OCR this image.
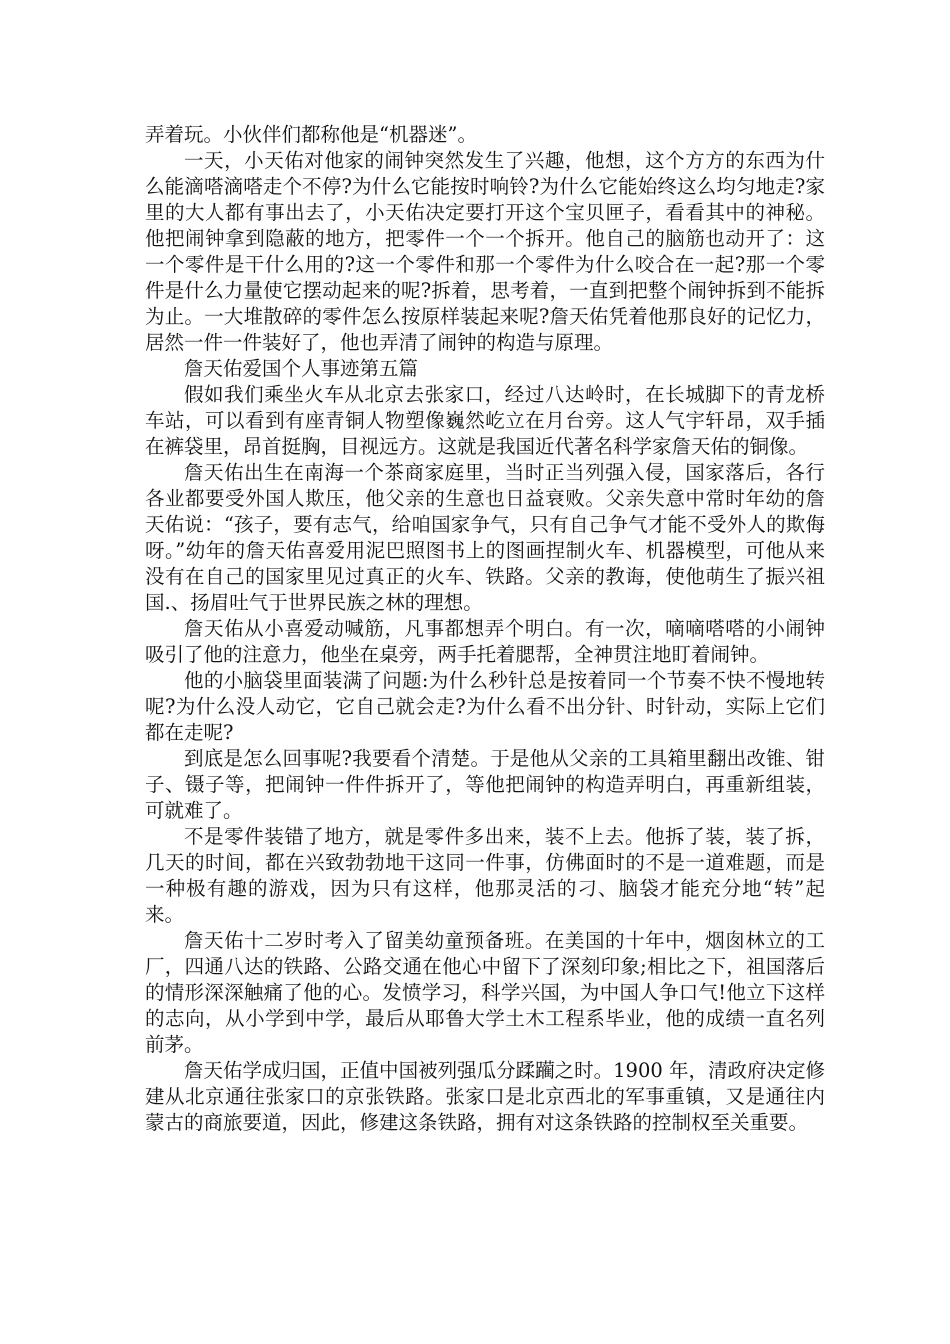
弄着玩。小伙伴们都称他是“机器迷”。

一天，小天佑对他家的闹钟突然发生了兴趣，他想，这个方方的东西为什么能滴嗒滴嗒走个不停?为什么它能按时响铃?为什么它能始终这么均匀地走?家里的大人都有事出去了，小天佑决定要打开这个宝贝匣子，看看其中的神秘。他把闹钟拿到隐蔽的地方，把零件一个一个拆开。他自己的脑筋也动开了：这一个零件是干什么用的?这一个零件和那一个零件为什么咬合在一起?那一个零件是什么力量使它摆动起来的呢?拆着，思考着，一直到把整个闹钟拆到不能拆为止。一大堆散碎的零件怎么按原样装起来呢?詹天佑凭着他那良好的记忆力，居然一件一件装好了，他也弄清了闹钟的构造与原理。

詹天佑爱国个人事迹第五篇

假如我们乘坐火车从北京去张家口，经过八达岭时，在长城脚下的青龙桥车站，可以看到有座青铜人物塑像巍然屹立在月台旁。这人气宇轩昂，双手插在裤袋里，昂首挺胸，目视远方。这就是我国近代著名科学家詹天佑的铜像。

詹天佑出生在南海一个茶商家庭里，当时正当列强入侵，国家落后，各行各业都要受外国人欺压，他父亲的生意也日益衰败。父亲失意中常时年幼的詹天佑说：“孩子，要有志气，给咱国家争气，只有自己争气才能不受外人的欺侮呀。”幼年的詹天佑喜爱用泥巴照图书上的图画捏制火车、机器模型，可他从来没有在自己的国家里见过真正的火车、铁路。父亲的教诲，使他萌生了振兴祖国.、扬眉吐气于世界民族之林的理想。

詹天佑从小喜爱动喊筋，凡事都想弄个明白。有一次，嘀嘀嗒嗒的小闹钟吸引了他的注意力，他坐在桌旁，两手托着腮帮，全神贯注地盯着闹钟。

他的小脑袋里面装满了问题:为什么秒针总是按着同一个节奏不快不慢地转呢?为什么没人动它，它自己就会走?为什么看不出分针、时针动，实际上它们都在走呢?

到底是怎么回事呢?我要看个清楚。于是他从父亲的工具箱里翻出改锥、钳子、镊子等，把闹钟一件件拆开了，等他把闹钟的构造弄明白，再重新组装，可就难了。

不是零件装错了地方，就是零件多出来，装不上去。他拆了装，装了拆，几天的时间，都在兴致勃勃地干这同一件事，仿佛面时的不是一道难题，而是一种极有趣的游戏，因为只有这样，他那灵活的刁、脑袋才能充分地“转”起来。

詹天佑十二岁时考入了留美幼童预备班。在美国的十年中，烟囱林立的工厂，四通八达的铁路、公路交通在他心中留下了深刻印象;相比之下，祖国落后的情形深深触痛了他的心。发愤学习，科学兴国，为中国人争口气!他立下这样的志向，从小学到中学，最后从耶鲁大学土木工程系毕业，他的成绩一直名列前茅。

詹天佑学成归国，正值中国被列强瓜分蹂躏之时。1900 年，清政府决定修建从北京通往张家口的京张铁路。张家口是北京西北的军事重镇，又是通往内蒙古的商旅要道，因此，修建这条铁路，拥有对这条铁路的控制权至关重要。
